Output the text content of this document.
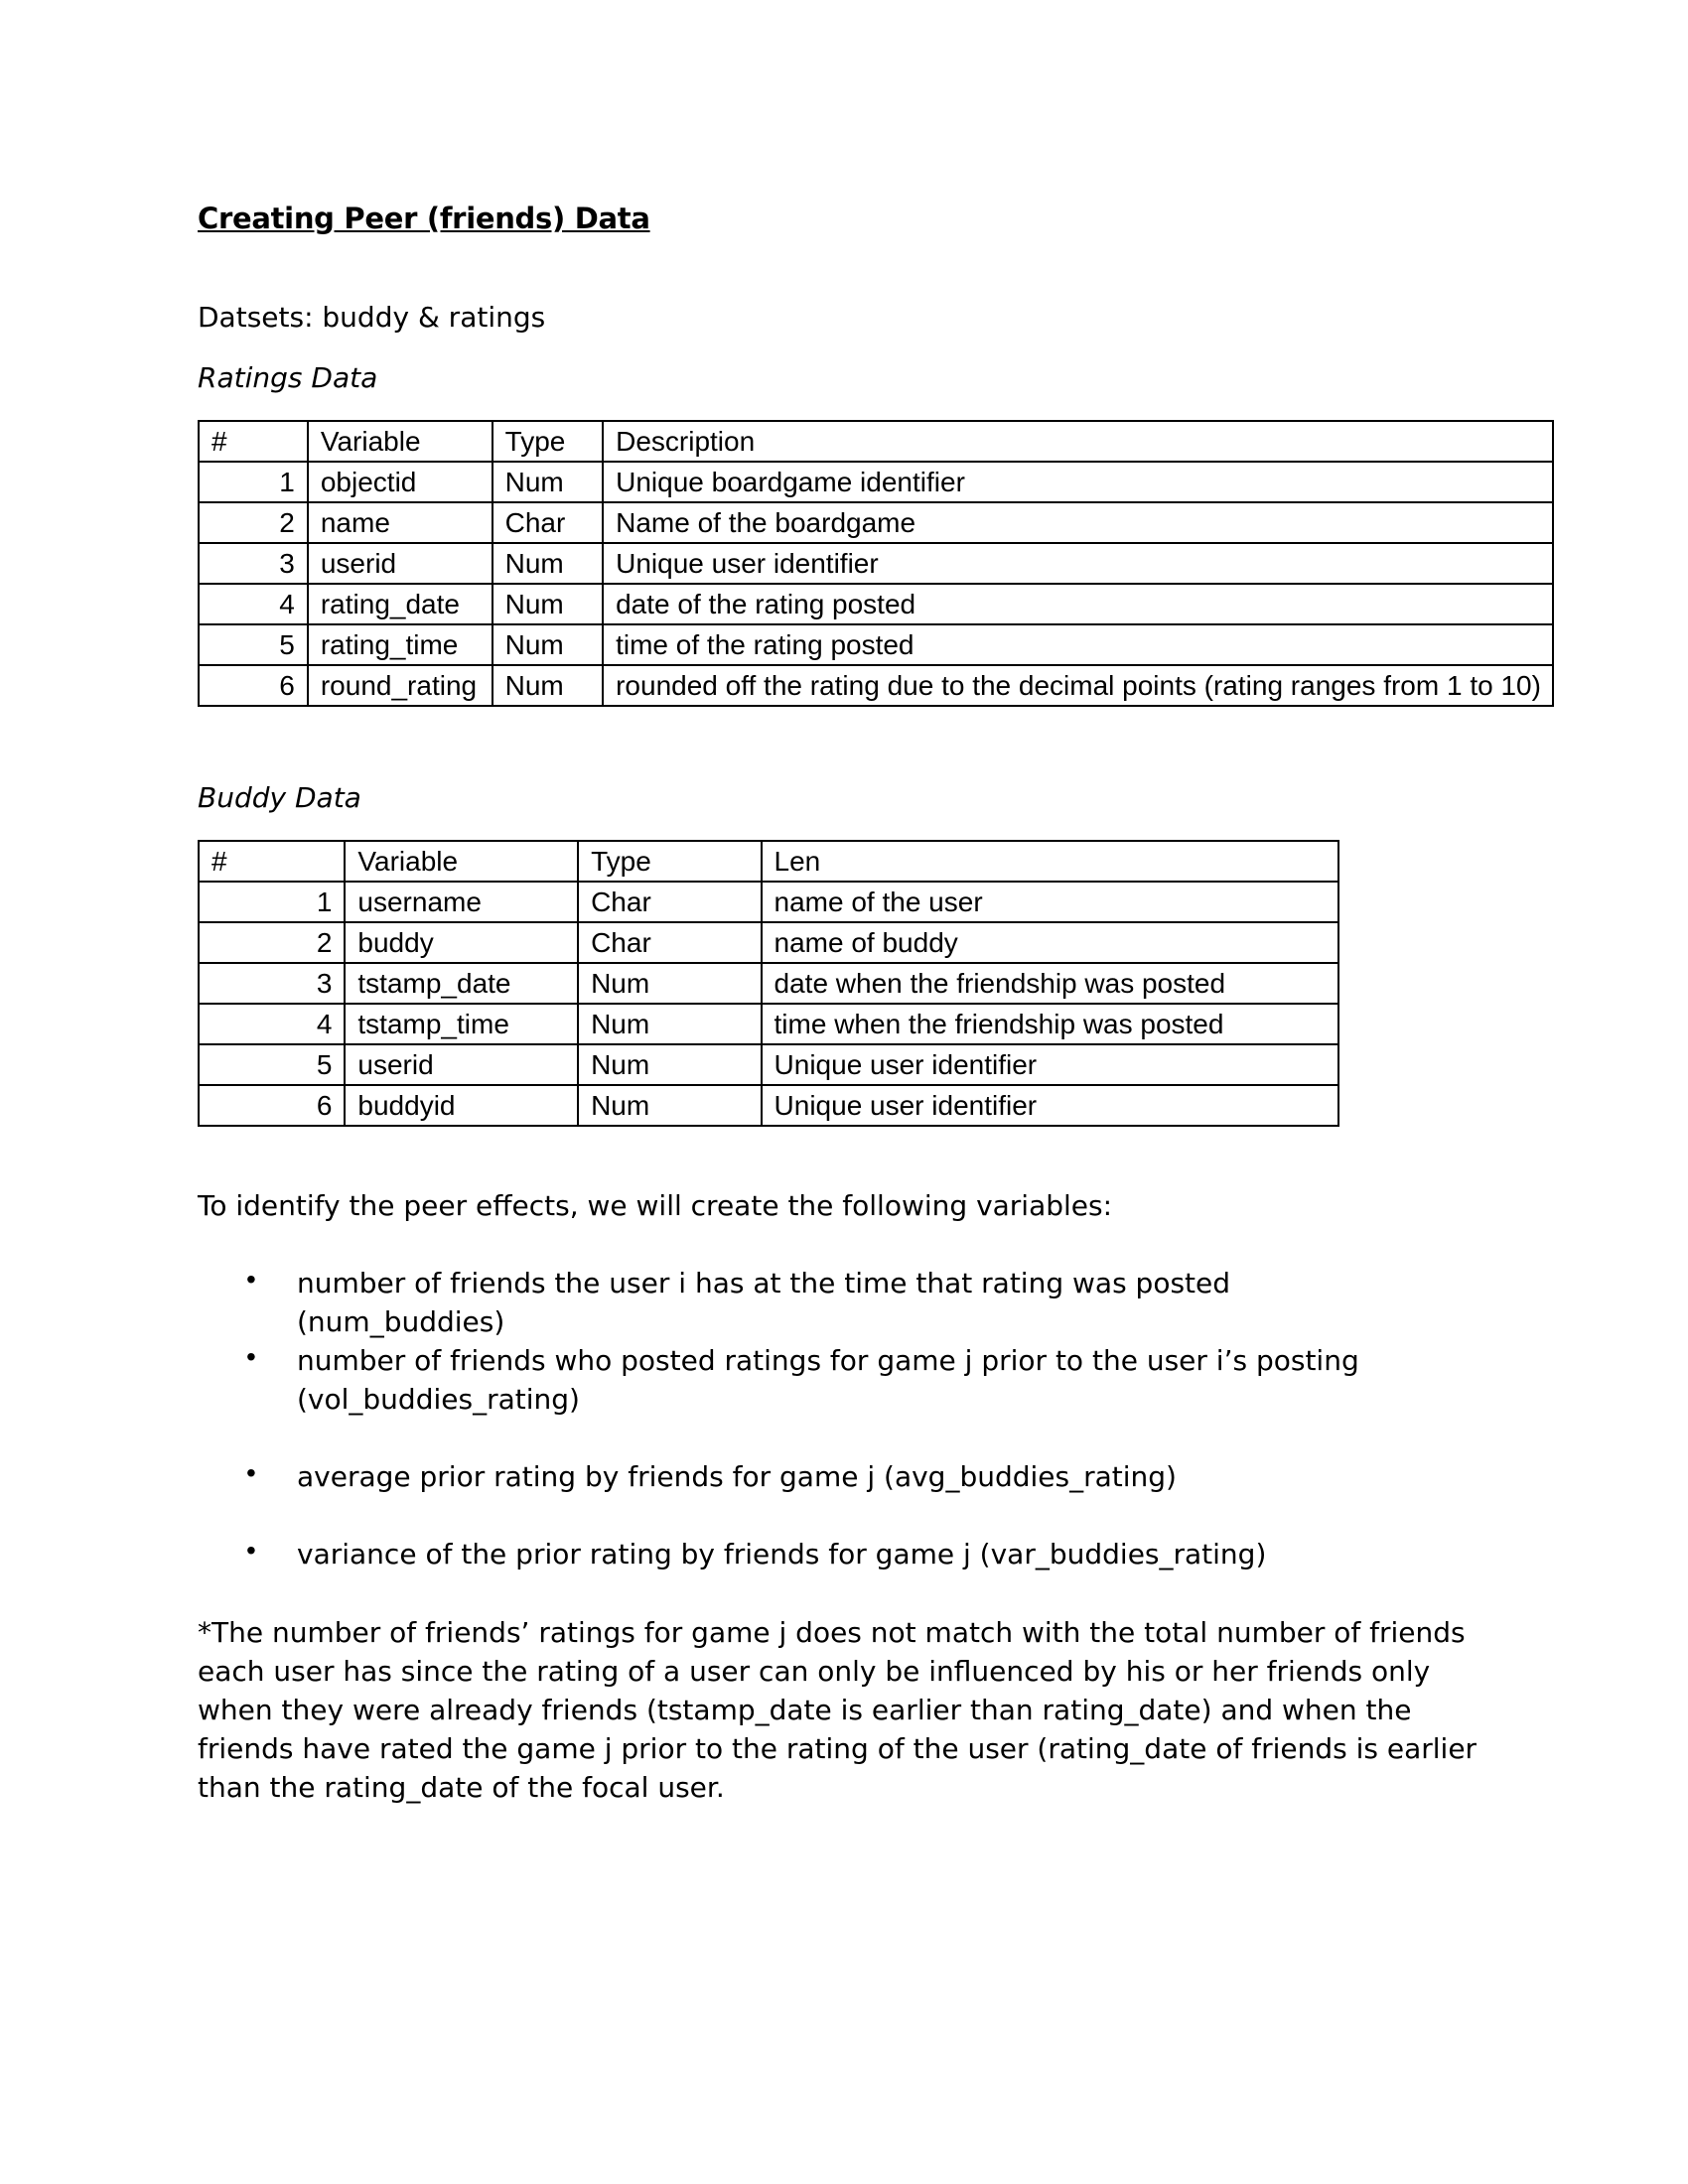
Creating Peer (friends) Data
Datsets: buddy & ratings
Ratings Data
#	Variable	Type	Description
1	objectid	Num	Unique boardgame identifier
2	name	Char	Name of the boardgame
3	userid	Num	Unique user identifier
4	rating_date	Num	date of the rating posted
5	rating_time	Num	time of the rating posted
6	round_rating	Num	rounded off the rating due to the decimal points (rating ranges from 1 to 10)
Buddy Data
#	Variable	Type	Len
1	username	Char	name of the user
2	buddy	Char	name of buddy
3	tstamp_date	Num	date when the friendship was posted
4	tstamp_time	Num	time when the friendship was posted
5	userid	Num	Unique user identifier
6	buddyid	Num	Unique user identifier
To identify the peer effects, we will create the following variables:
• number of friends the user i has at the time that rating was posted (num_buddies)
• number of friends who posted ratings for game j prior to the user i’s posting (vol_buddies_rating)
• average prior rating by friends for game j (avg_buddies_rating)
• variance of the prior rating by friends for game j (var_buddies_rating)
*The number of friends’ ratings for game j does not match with the total number of friends each user has since the rating of a user can only be influenced by his or her friends only when they were already friends (tstamp_date is earlier than rating_date) and when the friends have rated the game j prior to the rating of the user (rating_date of friends is earlier than the rating_date of the focal user.
